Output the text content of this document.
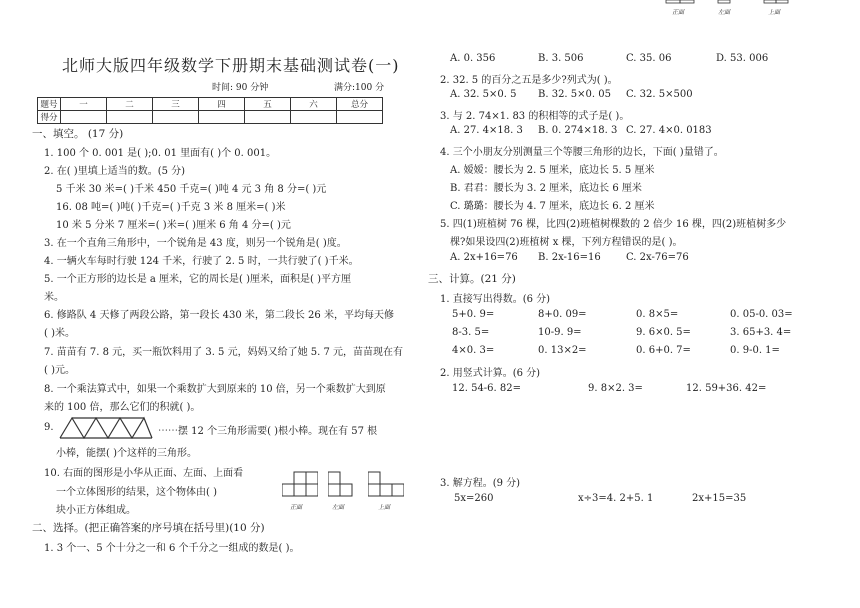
正面	左面	上面
北师大版四年级数学下册期末基础测试卷(一)
时间: 90 分钟	满分:100 分
题号	一	二	三	四	五	六	总分
得分							
一、填空。 (17 分)
1. 100 个 0. 001 是( );0. 01 里面有( )个 0. 001。
2. 在( )里填上适当的数。(5 分)
5 千米 30 米=( )千米 450 千克=( )吨 4 元 3 角 8 分=( )元
16. 08 吨=( )吨( )千克=( )千克 3 米 8 厘米=( )米
10 米 5 分米 7 厘米=( )米=( )厘米 6 角 4 分=( )元
3. 在一个直角三角形中，一个锐角是 43 度，则另一个锐角是( )度。
4. 一辆火车每时行驶 124 千米，行驶了 2. 5 时，一共行驶了( )千米。
5. 一个正方形的边长是 a 厘米，它的周长是( )厘米，面积是( )平方厘
米。
6. 修路队 4 天修了两段公路，第一段长 430 米，第二段长 26 米，平均每天修
( )米。
7. 苗苗有 7. 8 元，买一瓶饮料用了 3. 5 元，妈妈又给了她 5. 7 元，苗苗现在有
( )元。
8. 一个乘法算式中，如果一个乘数扩大到原来的 10 倍，另一个乘数扩大到原
来的 100 倍，那么它们的积就( )。
9.	⋯⋯摆 12 个三角形需要( )根小棒。现在有 57 根
小棒，能摆( )个这样的三角形。
10. 右面的图形是小华从正面、左面、上面看
一个立体图形的结果，这个物体由( )
块小正方体组成。	正面	左面	上面
二、选择。(把正确答案的序号填在括号里)(10 分)
1. 3 个一、5 个十分之一和 6 个千分之一组成的数是( )。
A. 0. 356	B. 3. 506	C. 35. 06	D. 53. 006
2. 32. 5 的百分之五是多少?列式为( )。
A. 32. 5×0. 5 B. 32. 5×0. 05 C. 32. 5×500
3. 与 2. 74×1. 83 的积相等的式子是( )。
A. 27. 4×18. 3 B. 0. 274×18. 3 C. 27. 4×0. 0183
4. 三个小朋友分别测量三个等腰三角形的边长，下面( )量错了。
A. 嫒嫒：腰长为 2. 5 厘米，底边长 5. 5 厘米
B. 君君：腰长为 3. 2 厘米，底边长 6 厘米
C. 璐璐：腰长为 4. 7 厘米，底边长 6. 2 厘米
5. 四(1)班植树 76 棵，比四(2)班植树棵数的 2 倍少 16 棵，四(2)班植树多少
棵?如果设四(2)班植树 x 棵，下列方程错误的是( )。
A. 2x+16=76 B. 2x-16=16	C. 2x-76=76
三、计算。(21 分)
1. 直接写出得数。(6 分)
5+0. 9=	8+0. 09=	0. 8×5=	0. 05-0. 03=
8-3. 5=	10-9. 9=	9. 6×0. 5=	3. 65+3. 4=
4×0. 3=	0. 13×2=	0. 6+0. 7=	0. 9-0. 1=
2. 用竖式计算。(6 分)
12. 54-6. 82=	9. 8×2. 3=	12. 59+36. 42=
3. 解方程。(9 分)
5x=260	x÷3=4. 2+5. 1	2x+15=35
